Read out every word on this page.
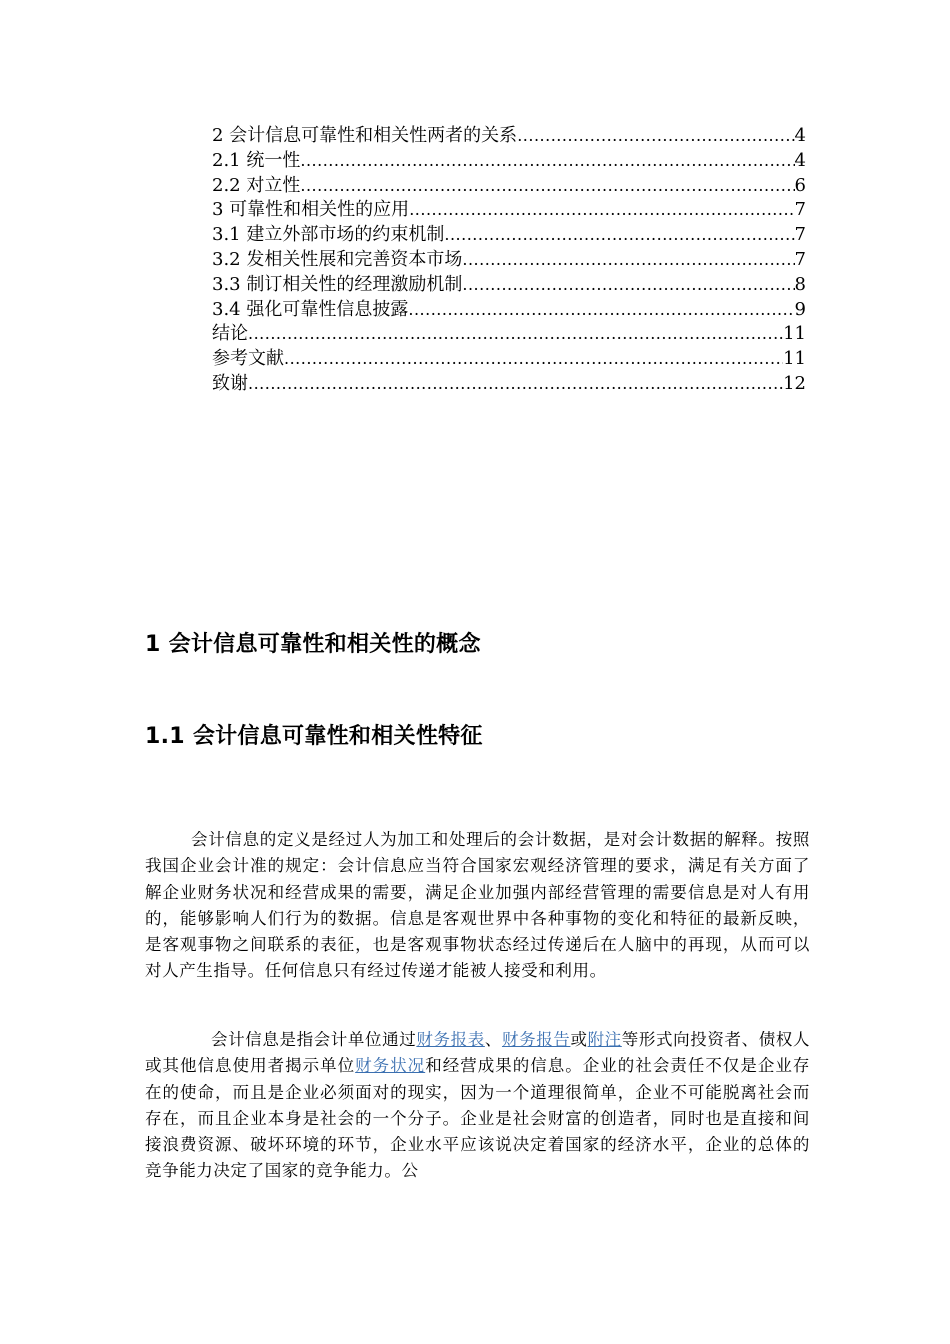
2 会计信息可靠性和相关性两者的关系 .....	4
2.1 统一性 .....	4
2.2 对立性 .....	6
3 可靠性和相关性的应用 .....	7
3.1 建立外部市场的约束机制 .....	7
3.2 发相关性展和完善资本市场 .....	7
3.3 制订相关性的经理激励机制 .....	8
3.4 强化可靠性信息披露 .....	9
结论 .....	11
参考文献 .....	11
致谢 .....	12
1 会计信息可靠性和相关性的概念
1.1 会计信息可靠性和相关性特征

会计信息的定义是经过人为加工和处理后的会计数据，是对会计数据的解释。按照我国企业会计准的规定：会计信息应当符合国家宏观经济管理的要求，满足有关方面了解企业财务状况和经营成果的需要，满足企业加强内部经营管理的需要信息是对人有用的，能够影响人们行为的数据。信息是客观世界中各种事物的变化和特征的最新反映，是客观事物之间联系的表征，也是客观事物状态经过传递后在人脑中的再现，从而可以对人产生指导。任何信息只有经过传递才能被人接受和利用。

会计信息是指会计单位通过财务报表、财务报告或附注等形式向投资者、债权人或其他信息使用者揭示单位财务状况和经营成果的信息。企业的社会责任不仅是企业存在的使命，而且是企业必须面对的现实，因为一个道理很简单，企业不可能脱离社会而存在，而且企业本身是社会的一个分子。企业是社会财富的创造者，同时也是直接和间接浪费资源、破坏环境的环节，企业水平应该说决定着国家的经济水平，企业的总体的竞争能力决定了国家的竞争能力。公
